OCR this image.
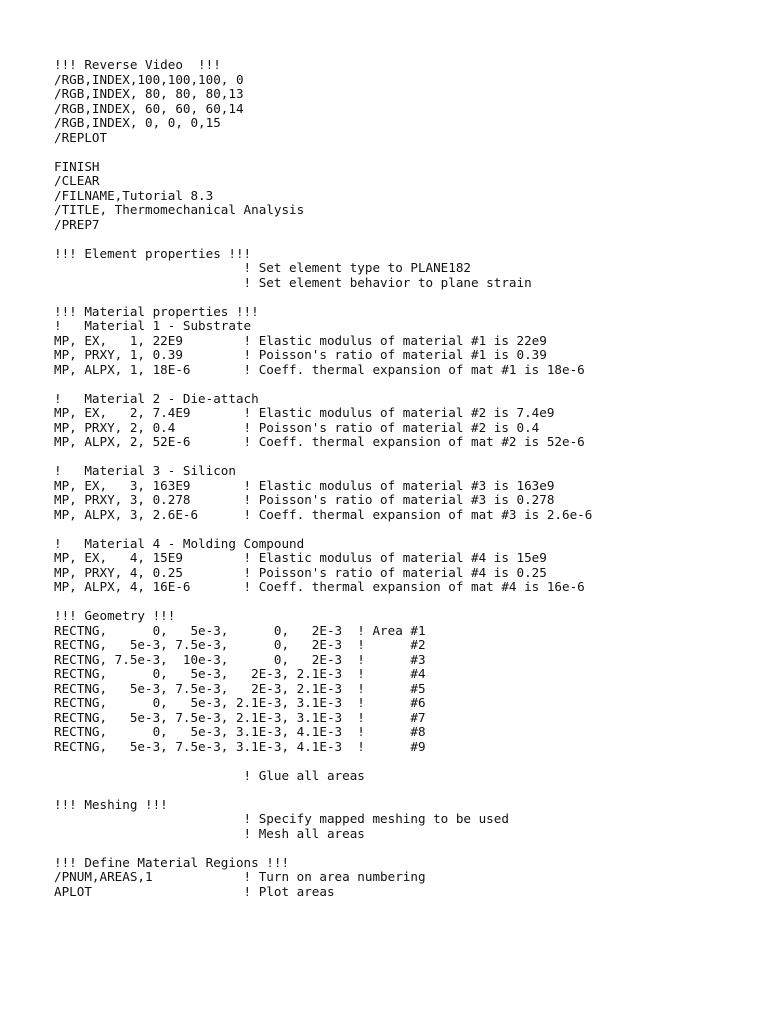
!!! Reverse Video  !!!
/RGB,INDEX,100,100,100, 0
/RGB,INDEX, 80, 80, 80,13
/RGB,INDEX, 60, 60, 60,14
/RGB,INDEX, 0, 0, 0,15
/REPLOT
FINISH
/CLEAR
/FILNAME,Tutorial 8.3
/TITLE, Thermomechanical Analysis
/PREP7
!!! Element properties !!!
! Set element type to PLANE182
! Set element behavior to plane strain
!!! Material properties !!!
!   Material 1 - Substrate
MP, EX,   1, 22E9        ! Elastic modulus of material #1 is 22e9
MP, PRXY, 1, 0.39        ! Poisson's ratio of material #1 is 0.39
MP, ALPX, 1, 18E-6       ! Coeff. thermal expansion of mat #1 is 18e-6
!   Material 2 - Die-attach
MP, EX,   2, 7.4E9       ! Elastic modulus of material #2 is 7.4e9
MP, PRXY, 2, 0.4         ! Poisson's ratio of material #2 is 0.4
MP, ALPX, 2, 52E-6       ! Coeff. thermal expansion of mat #2 is 52e-6
!   Material 3 - Silicon
MP, EX,   3, 163E9       ! Elastic modulus of material #3 is 163e9
MP, PRXY, 3, 0.278       ! Poisson's ratio of material #3 is 0.278
MP, ALPX, 3, 2.6E-6      ! Coeff. thermal expansion of mat #3 is 2.6e-6
!   Material 4 - Molding Compound
MP, EX,   4, 15E9        ! Elastic modulus of material #4 is 15e9
MP, PRXY, 4, 0.25        ! Poisson's ratio of material #4 is 0.25
MP, ALPX, 4, 16E-6       ! Coeff. thermal expansion of mat #4 is 16e-6
!!! Geometry !!!
RECTNG,      0,   5e-3,      0,   2E-3  ! Area #1
RECTNG,   5e-3, 7.5e-3,      0,   2E-3  !      #2
RECTNG, 7.5e-3,  10e-3,      0,   2E-3  !      #3
RECTNG,      0,   5e-3,   2E-3, 2.1E-3  !      #4
RECTNG,   5e-3, 7.5e-3,   2E-3, 2.1E-3  !      #5
RECTNG,      0,   5e-3, 2.1E-3, 3.1E-3  !      #6
RECTNG,   5e-3, 7.5e-3, 2.1E-3, 3.1E-3  !      #7
RECTNG,      0,   5e-3, 3.1E-3, 4.1E-3  !      #8
RECTNG,   5e-3, 7.5e-3, 3.1E-3, 4.1E-3  !      #9
! Glue all areas
!!! Meshing !!!
! Specify mapped meshing to be used
! Mesh all areas
!!! Define Material Regions !!!
/PNUM,AREAS,1            ! Turn on area numbering
APLOT                    ! Plot areas
